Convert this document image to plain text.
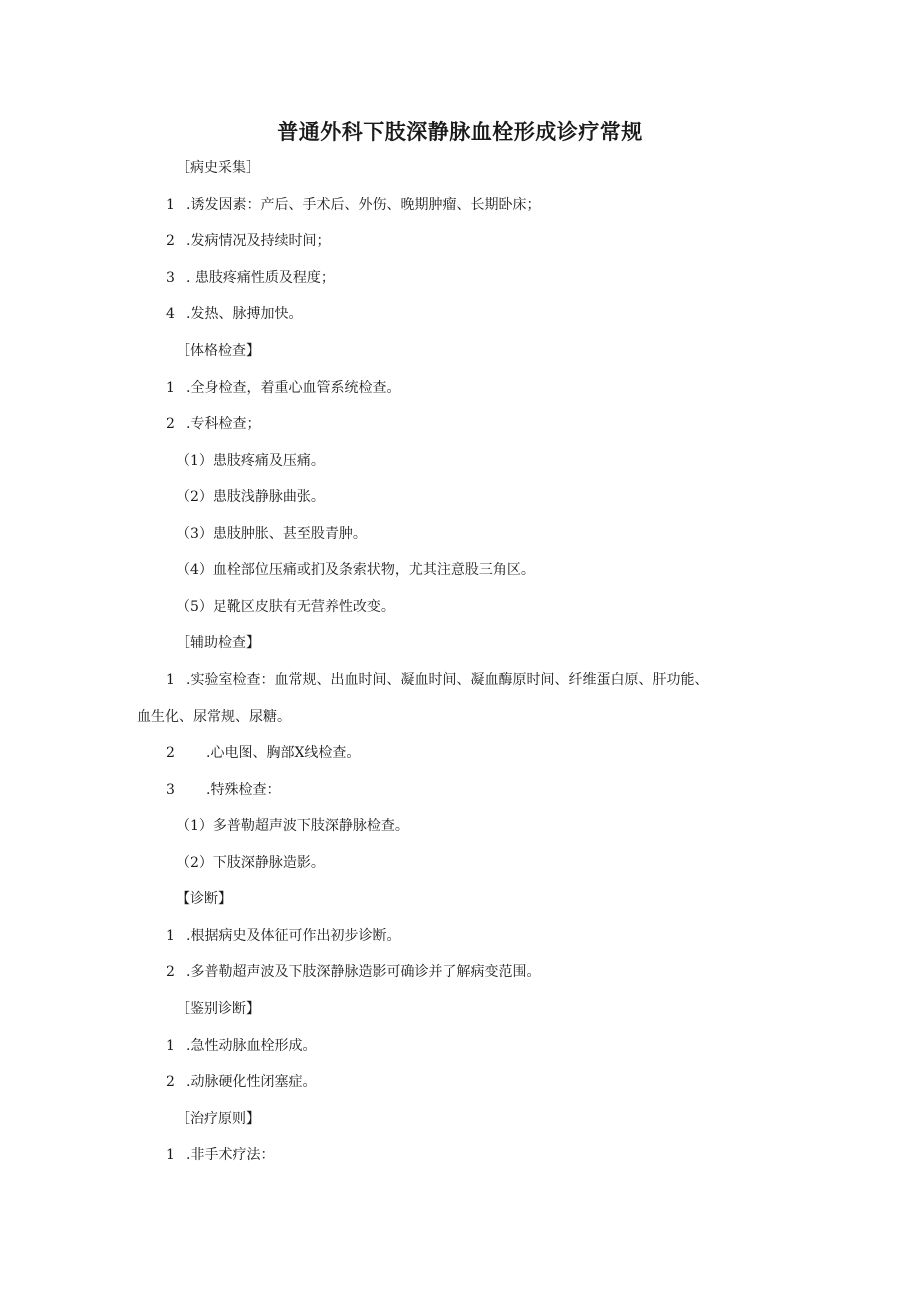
普通外科下肢深静脉血栓形成诊疗常规

［病史采集］

1 .诱发因素：产后、手术后、外伤、晚期肿瘤、长期卧床；

2 .发病情况及持续时间；

3 . 患肢疼痛性质及程度；

4 .发热、脉搏加快。

［体格检查】

1 .全身检查，着重心血管系统检查。

2 .专科检查；

（1）患肢疼痛及压痛。

（2）患肢浅静脉曲张。

（3）患肢肿胀、甚至股青肿。

（4）血栓部位压痛或扪及条索状物，尤其注意股三角区。

（5）足靴区皮肤有无营养性改变。

［辅助检查】

1 .实验室检查：血常规、出血时间、凝血时间、凝血酶原时间、纤维蛋白原、肝功能、

血生化、尿常规、尿糖。

2 .心电图、胸部X线检查。

3 .特殊检查：

（1）多普勒超声波下肢深静脉检查。

（2）下肢深静脉造影。

【诊断】

1 .根据病史及体征可作出初步诊断。

2 .多普勒超声波及下肢深静脉造影可确诊并了解病变范围。

［鉴别诊断】

1 .急性动脉血栓形成。

2 .动脉硬化性闭塞症。

［治疗原则】

1 .非手术疗法：
